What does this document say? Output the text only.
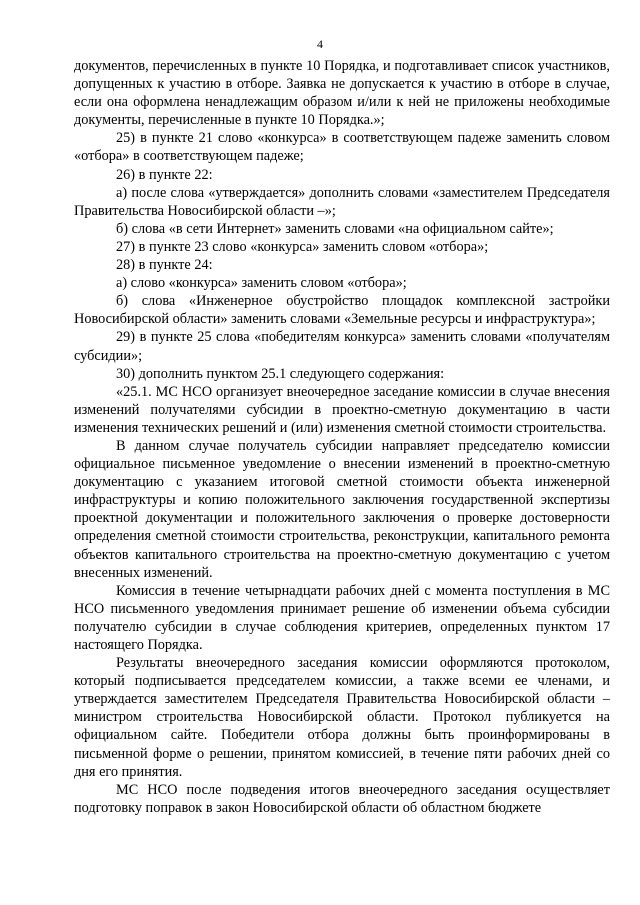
4

документов, перечисленных в пункте 10 Порядка, и подготавливает список участников, допущенных к участию в отборе. Заявка не допускается к участию в отборе в случае, если она оформлена ненадлежащим образом и/или к ней не приложены необходимые документы, перечисленные в пункте 10 Порядка.»;

25) в пункте 21 слово «конкурса» в соответствующем падеже заменить словом «отбора» в соответствующем падеже;

26) в пункте 22:

а) после слова «утверждается» дополнить словами «заместителем Председателя Правительства Новосибирской области –»;

б) слова «в сети Интернет» заменить словами «на официальном сайте»;

27) в пункте 23 слово «конкурса» заменить словом «отбора»;

28) в пункте 24:

а) слово «конкурса» заменить словом «отбора»;

б) слова «Инженерное обустройство площадок комплексной застройки Новосибирской области» заменить словами «Земельные ресурсы и инфраструктура»;

29) в пункте 25 слова «победителям конкурса» заменить словами «получателям субсидии»;

30) дополнить пунктом 25.1 следующего содержания:

«25.1. МС НСО организует внеочередное заседание комиссии в случае внесения изменений получателями субсидии в проектно-сметную документацию в части изменения технических решений и (или) изменения сметной стоимости строительства.

В данном случае получатель субсидии направляет председателю комиссии официальное письменное уведомление о внесении изменений в проектно-сметную документацию с указанием итоговой сметной стоимости объекта инженерной инфраструктуры и копию положительного заключения государственной экспертизы проектной документации и положительного заключения о проверке достоверности определения сметной стоимости строительства, реконструкции, капитального ремонта объектов капитального строительства на проектно-сметную документацию с учетом внесенных изменений.

Комиссия в течение четырнадцати рабочих дней с момента поступления в МС НСО письменного уведомления принимает решение об изменении объема субсидии получателю субсидии в случае соблюдения критериев, определенных пунктом 17 настоящего Порядка.

Результаты внеочередного заседания комиссии оформляются протоколом, который подписывается председателем комиссии, а также всеми ее членами, и утверждается заместителем Председателя Правительства Новосибирской области – министром строительства Новосибирской области. Протокол публикуется на официальном сайте. Победители отбора должны быть проинформированы в письменной форме о решении, принятом комиссией, в течение пяти рабочих дней со дня его принятия.

МС НСО после подведения итогов внеочередного заседания осуществляет подготовку поправок в закон Новосибирской области об областном бюджете
